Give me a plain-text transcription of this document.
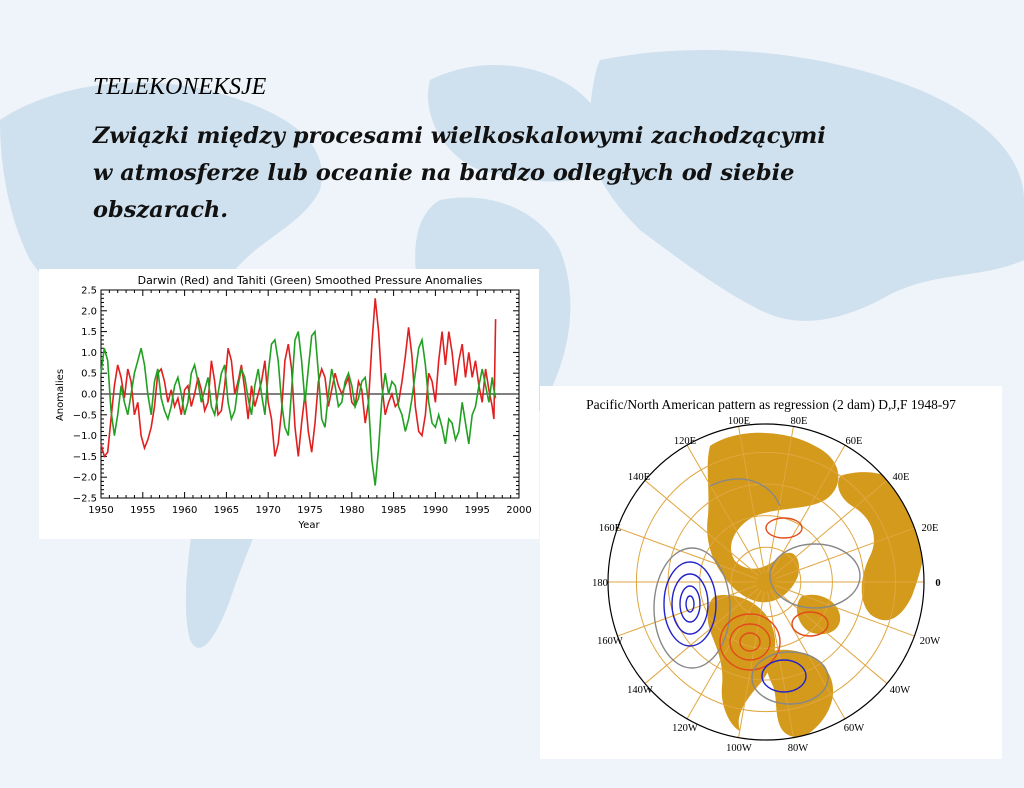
TELEKONEKSJE
Związki między procesami wielkoskalowymi zachodzącymi
w atmosferze lub oceanie na bardzo odległych od siebie
obszarach.
Darwin (Red) and Tahiti (Green) Smoothed Pressure Anomalies
Year
Anomalies
1950 1955 1960 1965 1970 1975 1980 1985 1990 1995 2000
2.5
2.0
1.5
1.0
0.5
0.0
−0.5
−1.0
−1.5
−2.0
−2.5
Pacific/North American pattern as regression (2 dam) D,J,F 1948-97
100E	80E
120E	60E
140E	40E
160E	20E
180	0
160W	20W
140W	40W
120W	60W
100W	80W
